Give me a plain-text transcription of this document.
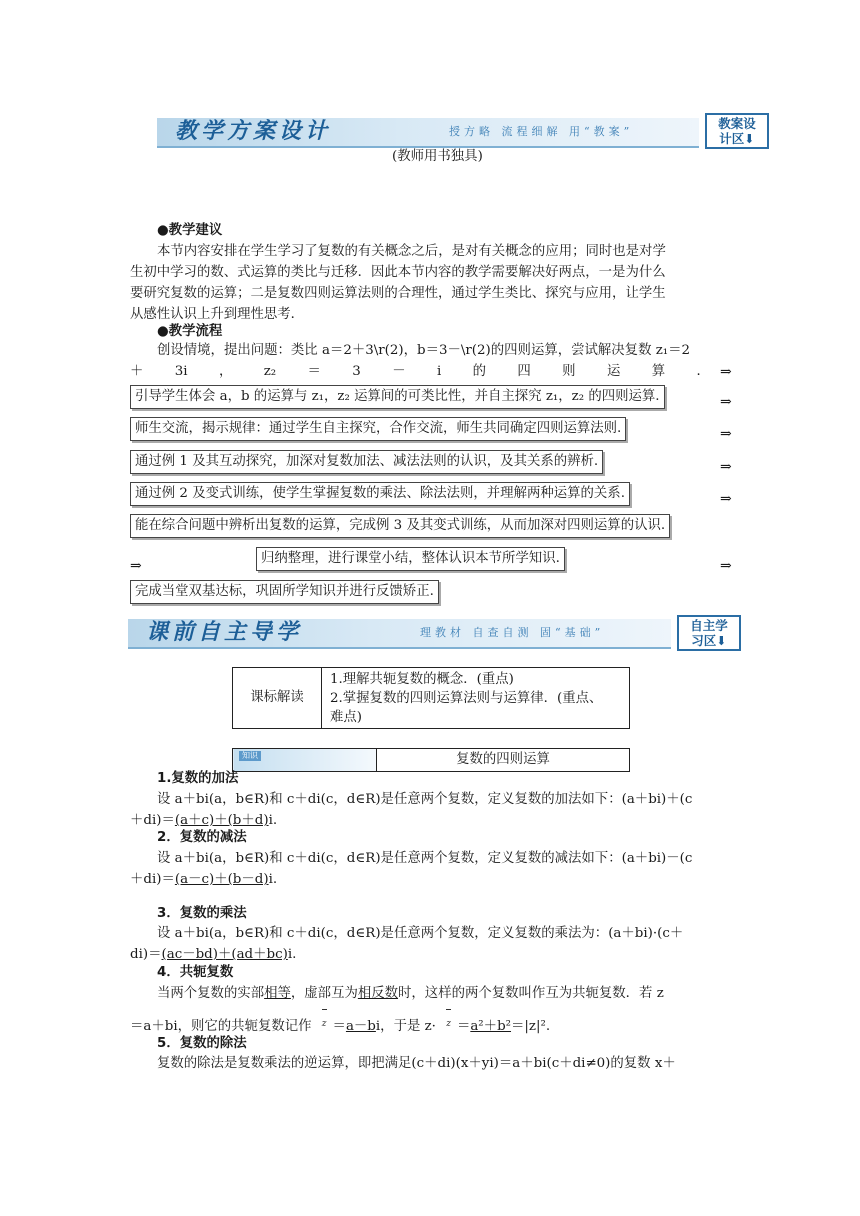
教学方案设计	授方略 流程细解 用“教案”
教案设
计区⬇
(教师用书独具)
●教学建议
本节内容安排在学生学习了复数的有关概念之后，是对有关概念的应用；同时也是对学
生初中学习的数、式运算的类比与迁移．因此本节内容的教学需要解决好两点，一是为什么
要研究复数的运算；二是复数四则运算法则的合理性，通过学生类比、探究与应用，让学生
从感性认识上升到理性思考．
●教学流程
创设情境，提出问题：类比 a＝2＋3\r(2)，b＝3－\r(2)的四则运算，尝试解决复数 z₁＝2
＋ 3i ， z₂ ＝ 3 － i 的 四 则 运 算 ． ⇒
引导学生体会 a，b 的运算与 z₁，z₂ 运算间的可类比性，并自主探究 z₁，z₂ 的四则运算.	⇒
师生交流，揭示规律：通过学生自主探究，合作交流，师生共同确定四则运算法则.	⇒
通过例 1 及其互动探究，加深对复数加法、减法法则的认识，及其关系的辨析.	⇒
通过例 2 及变式训练，使学生掌握复数的乘法、除法法则，并理解两种运算的关系.	⇒
能在综合问题中辨析出复数的运算，完成例 3 及其变式训练，从而加深对四则运算的认识.
⇒	归纳整理，进行课堂小结，整体认识本节所学知识.	⇒
完成当堂双基达标，巩固所学知识并进行反馈矫正.
课前自主导学	理教材 自查自测 固“基础”	自主学
习区⬇
课标解读	
1.理解共轭复数的概念．(重点)
2.掌握复数的四则运算法则与运算律．(重点、
难点)
知识	复数的四则运算
1.复数的加法
设 a＋bi(a，b∈R)和 c＋di(c，d∈R)是任意两个复数，定义复数的加法如下：(a＋bi)＋(c
＋di)＝(a＋c)＋(b＋d)i.
2．复数的减法
设 a＋bi(a，b∈R)和 c＋di(c，d∈R)是任意两个复数，定义复数的减法如下：(a＋bi)－(c
＋di)＝(a－c)＋(b－d)i.
3．复数的乘法
设 a＋bi(a，b∈R)和 c＋di(c，d∈R)是任意两个复数，定义复数的乘法为：(a＋bi)·(c＋
di)＝(ac－bd)＋(ad＋bc)i.
4．共轭复数
当两个复数的实部相等，虚部互为相反数时，这样的两个复数叫作互为共轭复数．若 z
＝a＋bi，则它的共轭复数记作 z ＝a－bi，于是 z· z ＝a²＋b²＝|z|².
5．复数的除法
复数的除法是复数乘法的逆运算，即把满足(c＋di)(x＋yi)＝a＋bi(c＋di≠0)的复数 x＋
